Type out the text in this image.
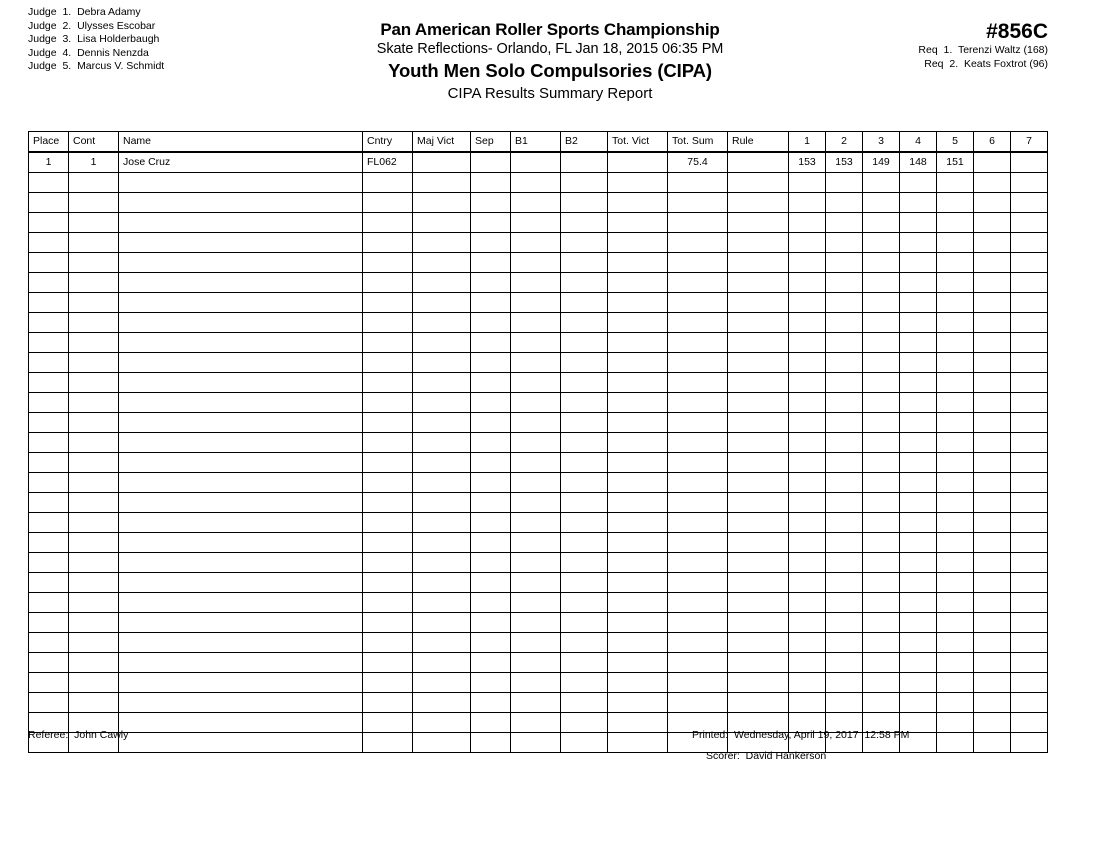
Judge 1. Debra Adamy
Judge 2. Ulysses Escobar
Judge 3. Lisa Holderbaugh
Judge 4. Dennis Nenzda
Judge 5. Marcus V. Schmidt
Pan American Roller Sports Championship
Skate Reflections- Orlando, FL Jan 18, 2015 06:35 PM
Youth Men Solo Compulsories (CIPA)
CIPA Results Summary Report
#856C
Req 1. Terenzi Waltz (168)
Req 2. Keats Foxtrot (96)
Place	Cont	Name	Cntry	Maj Vict	Sep	B1	B2	Tot. Vict	Tot. Sum	Rule	1	2	3	4	5	6	7
1	1	Jose Cruz	FL062						75.4		153	153	149	148	151		

Referee:  John Cawly	Printed:  Wednesday, April 19, 2017  12:58 PM
Scorer:  David Hankerson
